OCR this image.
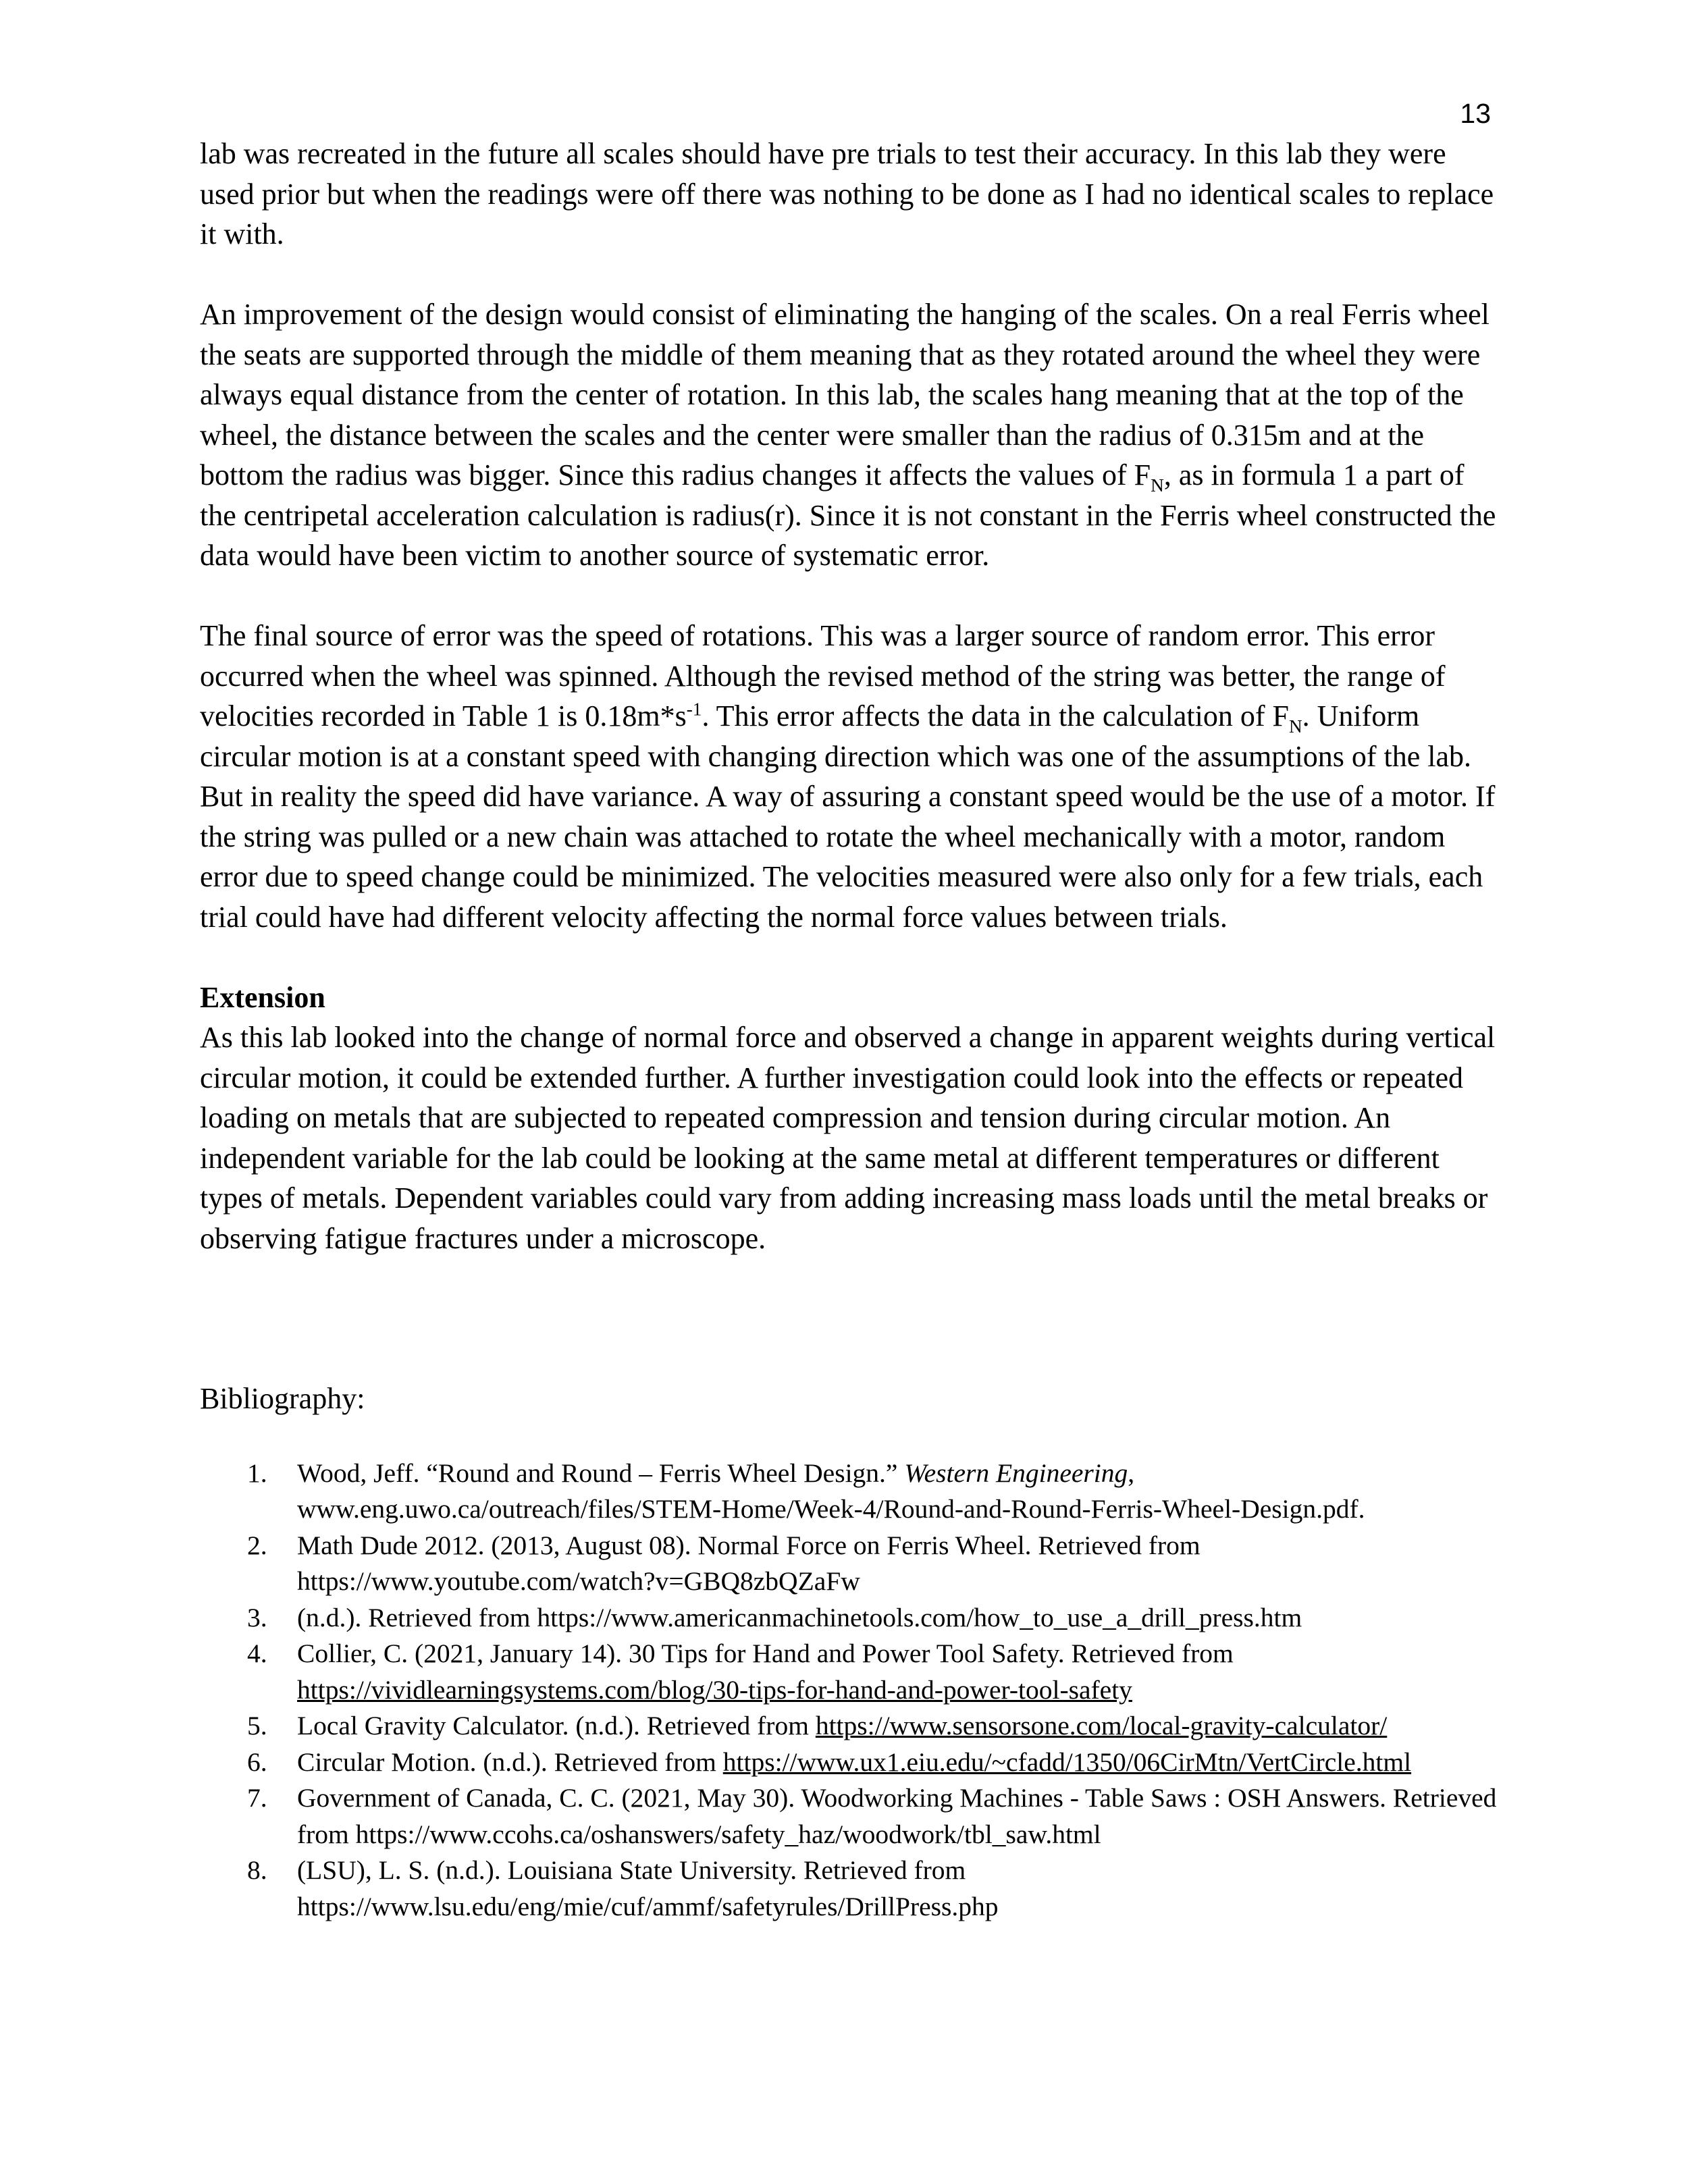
13

lab was recreated in the future all scales should have pre trials to test their accuracy. In this lab they were used prior but when the readings were off there was nothing to be done as I had no identical scales to replace it with.

An improvement of the design would consist of eliminating the hanging of the scales. On a real Ferris wheel the seats are supported through the middle of them meaning that as they rotated around the wheel they were always equal distance from the center of rotation. In this lab, the scales hang meaning that at the top of the wheel, the distance between the scales and the center were smaller than the radius of 0.315m and at the bottom the radius was bigger. Since this radius changes it affects the values of $F_N$, as in formula 1 a part of the centripetal acceleration calculation is radius(r). Since it is not constant in the Ferris wheel constructed the data would have been victim to another source of systematic error.

The final source of error was the speed of rotations. This was a larger source of random error. This error occurred when the wheel was spinned. Although the revised method of the string was better, the range of velocities recorded in Table 1 is $0.18m*s^{-1}$. This error affects the data in the calculation of $F_N$. Uniform circular motion is at a constant speed with changing direction which was one of the assumptions of the lab. But in reality the speed did have variance. A way of assuring a constant speed would be the use of a motor. If the string was pulled or a new chain was attached to rotate the wheel mechanically with a motor, random error due to speed change could be minimized. The velocities measured were also only for a few trials, each trial could have had different velocity affecting the normal force values between trials.

Extension

As this lab looked into the change of normal force and observed a change in apparent weights during vertical circular motion, it could be extended further. A further investigation could look into the effects or repeated loading on metals that are subjected to repeated compression and tension during circular motion. An independent variable for the lab could be looking at the same metal at different temperatures or different types of metals. Dependent variables could vary from adding increasing mass loads until the metal breaks or observing fatigue fractures under a microscope.

Bibliography:

1. Wood, Jeff. “Round and Round – Ferris Wheel Design.” Western Engineering, www.eng.uwo.ca/outreach/files/STEM-Home/Week-4/Round-and-Round-Ferris-Wheel-Design.pdf.
2. Math Dude 2012. (2013, August 08). Normal Force on Ferris Wheel. Retrieved from https://www.youtube.com/watch?v=GBQ8zbQZaFw
3. (n.d.). Retrieved from https://www.americanmachinetools.com/how_to_use_a_drill_press.htm
4. Collier, C. (2021, January 14). 30 Tips for Hand and Power Tool Safety. Retrieved from https://vividlearningsystems.com/blog/30-tips-for-hand-and-power-tool-safety
5. Local Gravity Calculator. (n.d.). Retrieved from https://www.sensorsone.com/local-gravity-calculator/
6. Circular Motion. (n.d.). Retrieved from https://www.ux1.eiu.edu/~cfadd/1350/06CirMtn/VertCircle.html
7. Government of Canada, C. C. (2021, May 30). Woodworking Machines - Table Saws : OSH Answers. Retrieved from https://www.ccohs.ca/oshanswers/safety_haz/woodwork/tbl_saw.html
8. (LSU), L. S. (n.d.). Louisiana State University. Retrieved from https://www.lsu.edu/eng/mie/cuf/ammf/safetyrules/DrillPress.php
